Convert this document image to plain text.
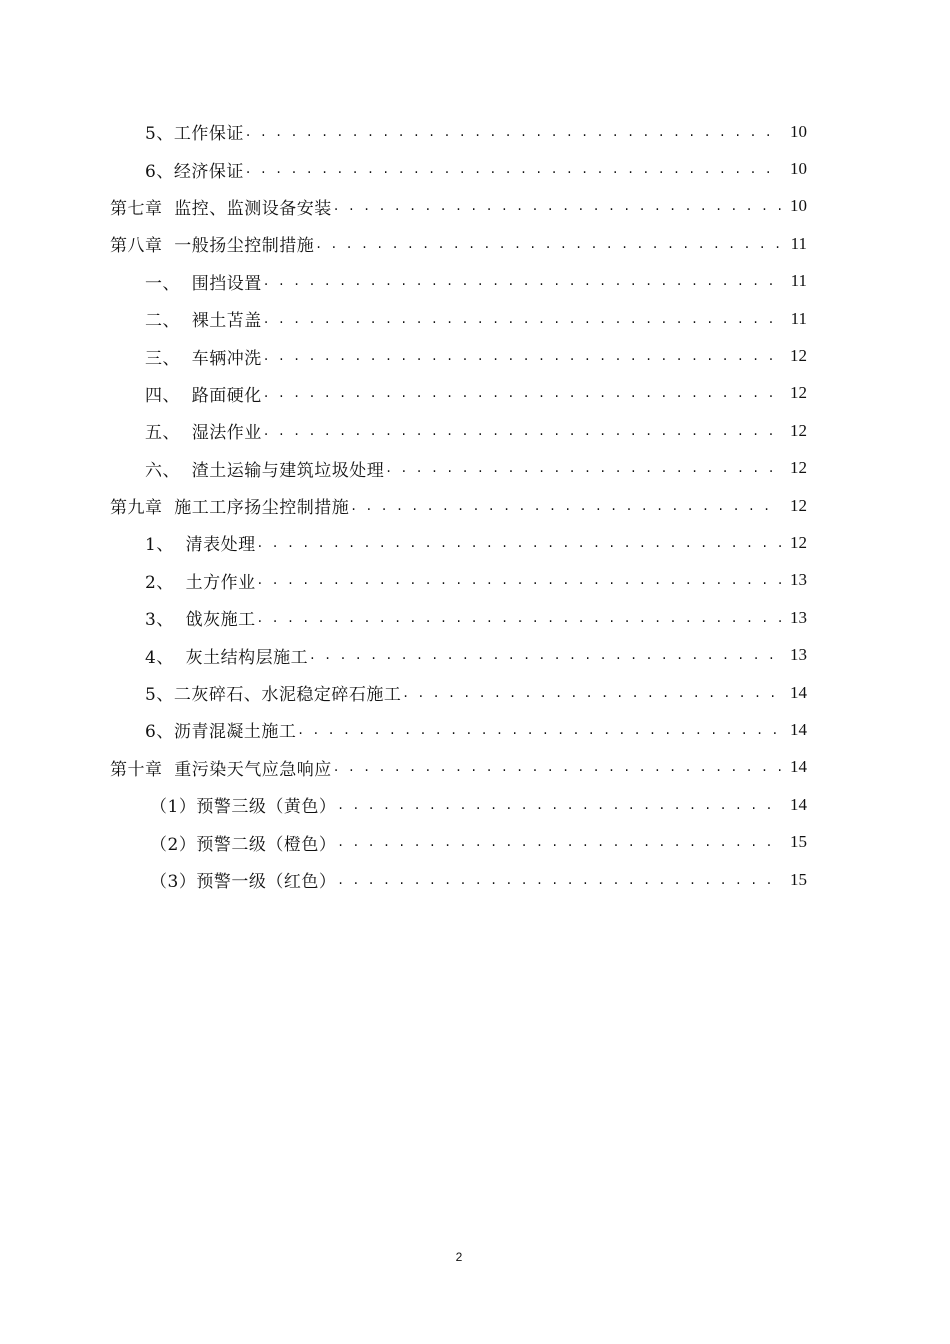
5、工作保证 . . .	10
6、经济保证 . . .	10
第七章  监控、监测设备安装 . . .	10
第八章  一般扬尘控制措施 . . .	11
一、  围挡设置 . . .	11
二、  裸土苫盖 . . .	11
三、  车辆冲洗 . . .	12
四、  路面硬化 . . .	12
五、  湿法作业 . . .	12
六、  渣土运输与建筑垃圾处理 . . .	12
第九章  施工工序扬尘控制措施 . . .	12
1、  清表处理 . . .	12
2、  土方作业 . . .	13
3、  戗灰施工 . . .	13
4、  灰土结构层施工 . . .	13
5、二灰碎石、水泥稳定碎石施工 . . .	14
6、沥青混凝土施工 . . .	14
第十章  重污染天气应急响应 . . .	14
（1）预警三级（黄色） . . .	14
（2）预警二级（橙色） . . .	15
（3）预警一级（红色） . . .	15
2
